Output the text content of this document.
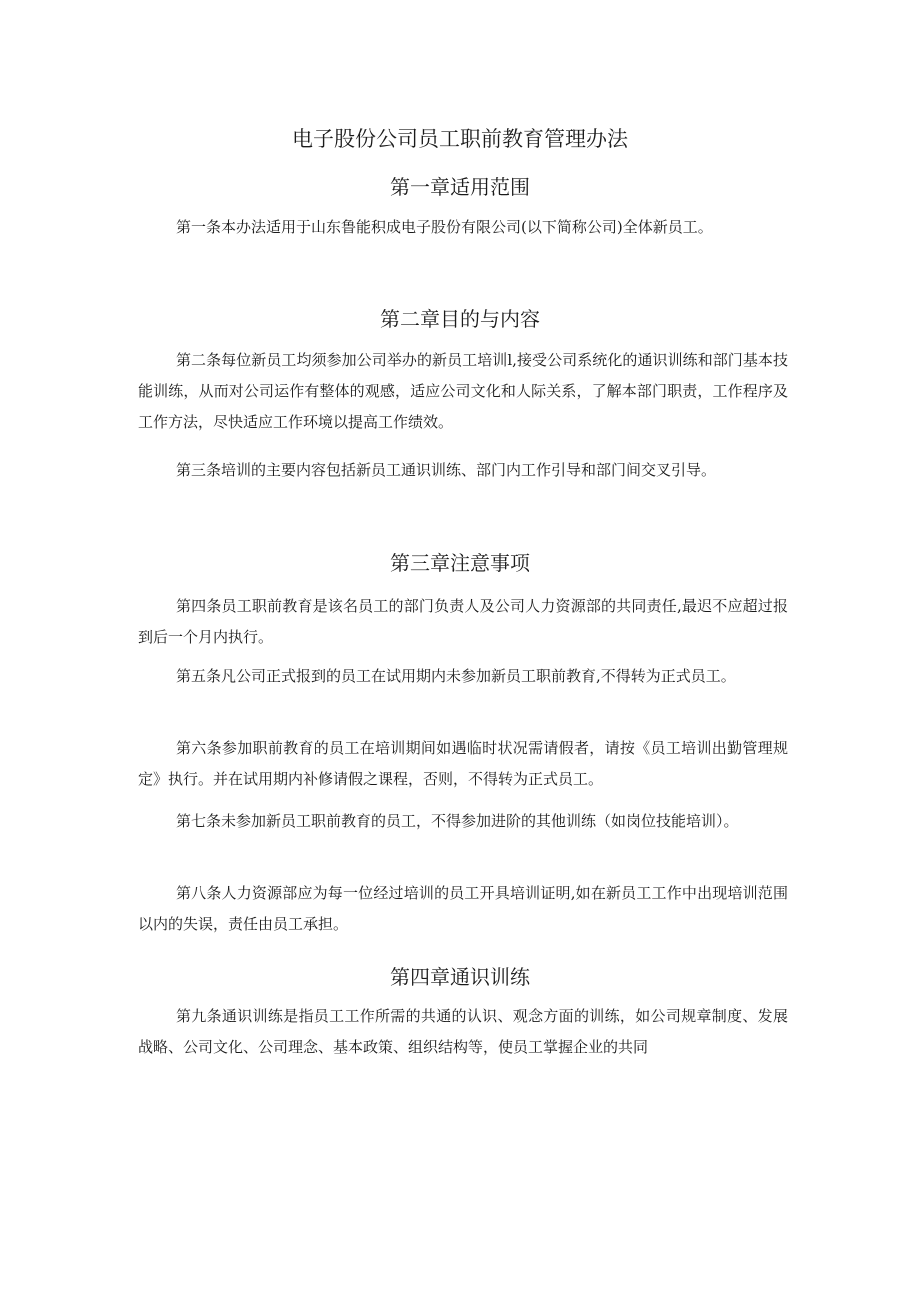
电子股份公司员工职前教育管理办法
第一章适用范围

第一条本办法适用于山东鲁能积成电子股份有限公司(以下简称公司)全体新员工。

第二章目的与内容

第二条每位新员工均须参加公司举办的新员工培训l,接受公司系统化的通识训练和部门基本技能训练，从而对公司运作有整体的观感，适应公司文化和人际关系，了解本部门职责，工作程序及工作方法，尽快适应工作环境以提高工作绩效。

第三条培训的主要内容包括新员工通识训练、部门内工作引导和部门间交叉引导。

第三章注意事项

第四条员工职前教育是该名员工的部门负责人及公司人力资源部的共同责任,最迟不应超过报到后一个月内执行。

第五条凡公司正式报到的员工在试用期内未参加新员工职前教育,不得转为正式员工。

第六条参加职前教育的员工在培训期间如遇临时状况需请假者，请按《员工培训出勤管理规定》执行。并在试用期内补修请假之课程，否则，不得转为正式员工。

第七条未参加新员工职前教育的员工，不得参加进阶的其他训练（如岗位技能培训）。

第八条人力资源部应为每一位经过培训的员工开具培训证明,如在新员工工作中出现培训范围以内的失误，责任由员工承担。

第四章通识训练

第九条通识训练是指员工工作所需的共通的认识、观念方面的训练，如公司规章制度、发展战略、公司文化、公司理念、基本政策、组织结构等，使员工掌握企业的共同
